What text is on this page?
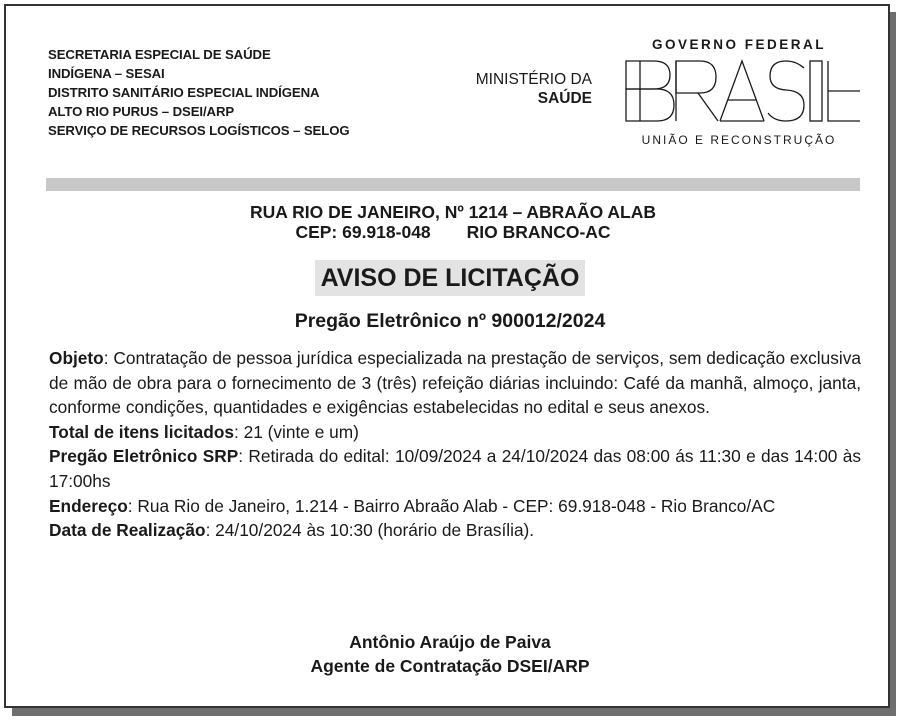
SECRETARIA ESPECIAL DE SAÚDE
INDÍGENA – SESAI
DISTRITO SANITÁRIO ESPECIAL INDÍGENA
ALTO RIO PURUS – DSEI/ARP
SERVIÇO DE RECURSOS LOGÍSTICOS – SELOG
MINISTÉRIO DA
SAÚDE
GOVERNO FEDERAL
UNIÃO E RECONSTRUÇÃO
RUA RIO DE JANEIRO, Nº 1214 – ABRAÃO ALAB
CEP: 69.918-048 RIO BRANCO-AC
AVISO DE LICITAÇÃO
Pregão Eletrônico nº 900012/2024

Objeto: Contratação de pessoa jurídica especializada na prestação de serviços, sem dedicação exclusiva de mão de obra para o fornecimento de 3 (três) refeição diárias incluindo: Café da manhã, almoço, janta, conforme condições, quantidades e exigências estabelecidas no edital e seus anexos.

Total de itens licitados: 21 (vinte e um)

Pregão Eletrônico SRP: Retirada do edital: 10/09/2024 a 24/10/2024 das 08:00 ás 11:30 e das 14:00 às 17:00hs

Endereço: Rua Rio de Janeiro, 1.214 - Bairro Abraão Alab - CEP: 69.918-048 - Rio Branco/AC

Data de Realização: 24/10/2024 às 10:30 (horário de Brasília).

Antônio Araújo de Paiva
Agente de Contratação DSEI/ARP
